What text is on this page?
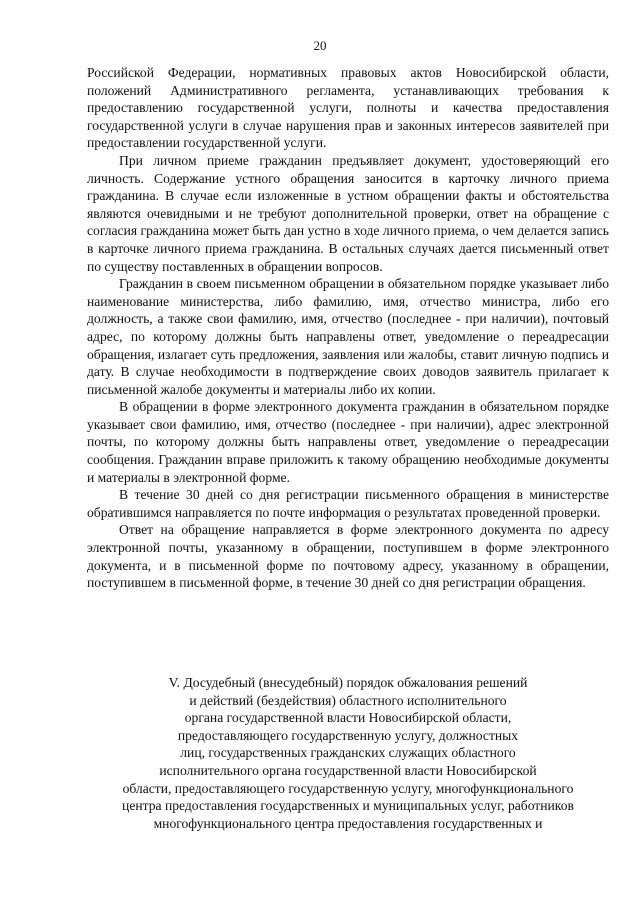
20

Российской Федерации, нормативных правовых актов Новосибирской области, положений Административного регламента, устанавливающих требования к предоставлению государственной услуги, полноты и качества предоставления государственной услуги в случае нарушения прав и законных интересов заявителей при предоставлении государственной услуги.

При личном приеме гражданин предъявляет документ, удостоверяющий его личность. Содержание устного обращения заносится в карточку личного приема гражданина. В случае если изложенные в устном обращении факты и обстоятельства являются очевидными и не требуют дополнительной проверки, ответ на обращение с согласия гражданина может быть дан устно в ходе личного приема, о чем делается запись в карточке личного приема гражданина. В остальных случаях дается письменный ответ по существу поставленных в обращении вопросов.

Гражданин в своем письменном обращении в обязательном порядке указывает либо наименование министерства, либо фамилию, имя, отчество министра, либо его должность, а также свои фамилию, имя, отчество (последнее - при наличии), почтовый адрес, по которому должны быть направлены ответ, уведомление о переадресации обращения, излагает суть предложения, заявления или жалобы, ставит личную подпись и дату. В случае необходимости в подтверждение своих доводов заявитель прилагает к письменной жалобе документы и материалы либо их копии.

В обращении в форме электронного документа гражданин в обязательном порядке указывает свои фамилию, имя, отчество (последнее - при наличии), адрес электронной почты, по которому должны быть направлены ответ, уведомление о переадресации сообщения. Гражданин вправе приложить к такому обращению необходимые документы и материалы в электронной форме.

В течение 30 дней со дня регистрации письменного обращения в министерстве обратившимся направляется по почте информация о результатах проведенной проверки.

Ответ на обращение направляется в форме электронного документа по адресу электронной почты, указанному в обращении, поступившем в форме электронного документа, и в письменной форме по почтовому адресу, указанному в обращении, поступившем в письменной форме, в течение 30 дней со дня регистрации обращения.

V. Досудебный (внесудебный) порядок обжалования решений
и действий (бездействия) областного исполнительного
органа государственной власти Новосибирской области,
предоставляющего государственную услугу, должностных
лиц, государственных гражданских служащих областного
исполнительного органа государственной власти Новосибирской
области, предоставляющего государственную услугу, многофункционального
центра предоставления государственных и муниципальных услуг, работников
многофункционального центра предоставления государственных и
